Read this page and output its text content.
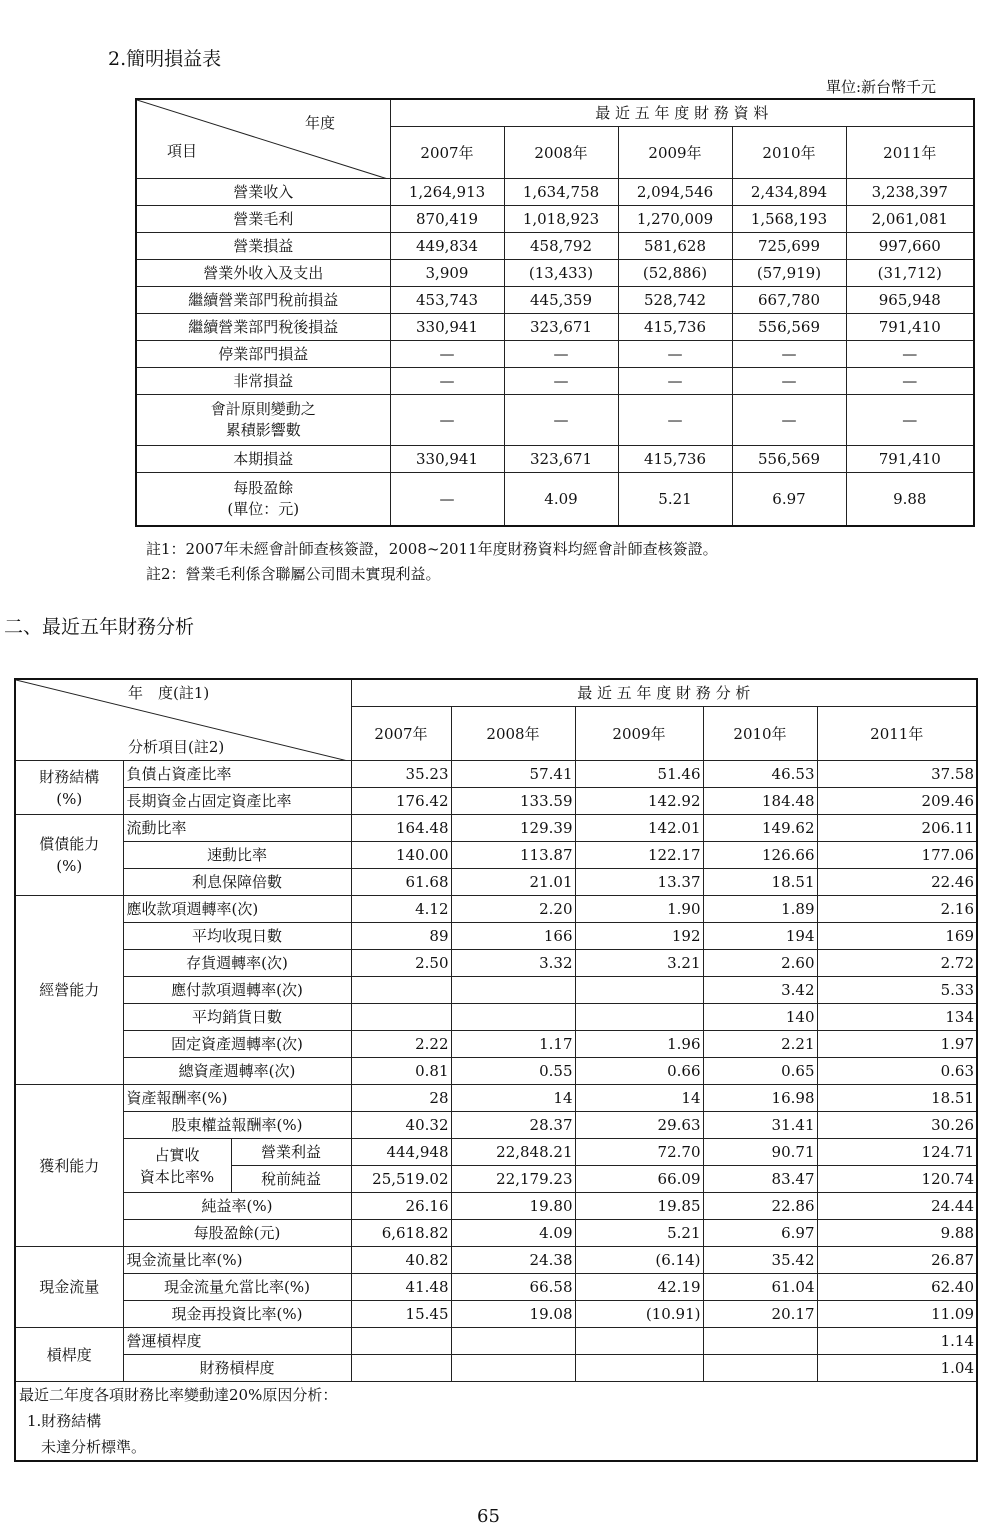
2.簡明損益表
單位:新台幣千元
年度
項目	最 近 五 年 度 財 務 資 料				
	2007年	2008年	2009年	2010年	2011年
營業收入	1,264,913	1,634,758	2,094,546	2,434,894	3,238,397
營業毛利	870,419	1,018,923	1,270,009	1,568,193	2,061,081
營業損益	449,834	458,792	581,628	725,699	997,660
營業外收入及支出	3,909	(13,433)	(52,886)	(57,919)	(31,712)
繼續營業部門稅前損益	453,743	445,359	528,742	667,780	965,948
繼續營業部門稅後損益	330,941	323,671	415,736	556,569	791,410
停業部門損益	—	—	—	—	—
非常損益	—	—	—	—	—

會計原則變動之
累積影響數	—	—	—	—	—
本期損益	330,941	323,671	415,736	556,569	791,410

每股盈餘
(單位：元)	—	4.09	5.21	6.97	9.88
註1：2007年未經會計師查核簽證，2008~2011年度財務資料均經會計師查核簽證。
註2：營業毛利係含聯屬公司間未實現利益。
二、最近五年財務分析
年　度(註1)
分析項目(註2)			最 近 五 年 度 財 務 分 析				
			2007年	2008年	2009年	2010年	2011年

財務結構
(%)	負債占資產比率		35.23	57.41	51.46	46.53	37.58
	長期資金占固定資產比率		176.42	133.59	142.92	184.48	209.46

償債能力
(%)	流動比率		164.48	129.39	142.01	149.62	206.11
	速動比率		140.00	113.87	122.17	126.66	177.06
	利息保障倍數		61.68	21.01	13.37	18.51	22.46
經營能力	應收款項週轉率(次)		4.12	2.20	1.90	1.89	2.16
	平均收現日數		89	166	192	194	169
	存貨週轉率(次)		2.50	3.32	3.21	2.60	2.72
	應付款項週轉率(次)					3.42	5.33
	平均銷貨日數					140	134
	固定資產週轉率(次)		2.22	1.17	1.96	2.21	1.97
	總資產週轉率(次)		0.81	0.55	0.66	0.65	0.63
獲利能力	資產報酬率(%)		28	14	14	16.98	18.51
	股東權益報酬率(%)		40.32	28.37	29.63	31.41	30.26

	占實收
資本比率%	營業利益	444,948	22,848.21	72.70	90.71	124.71
		稅前純益	25,519.02	22,179.23	66.09	83.47	120.74
	純益率(%)		26.16	19.80	19.85	22.86	24.44
	每股盈餘(元)		6,618.82	4.09	5.21	6.97	9.88
現金流量	現金流量比率(%)		40.82	24.38	(6.14)	35.42	26.87
	現金流量允當比率(%)		41.48	66.58	42.19	61.04	62.40
	現金再投資比率(%)		15.45	19.08	(10.91)	20.17	11.09
槓桿度	營運槓桿度						1.14
	財務槓桿度						1.04

最近二年度各項財務比率變動達20%原因分析：
1.財務結構
未達分析標準。							
65
